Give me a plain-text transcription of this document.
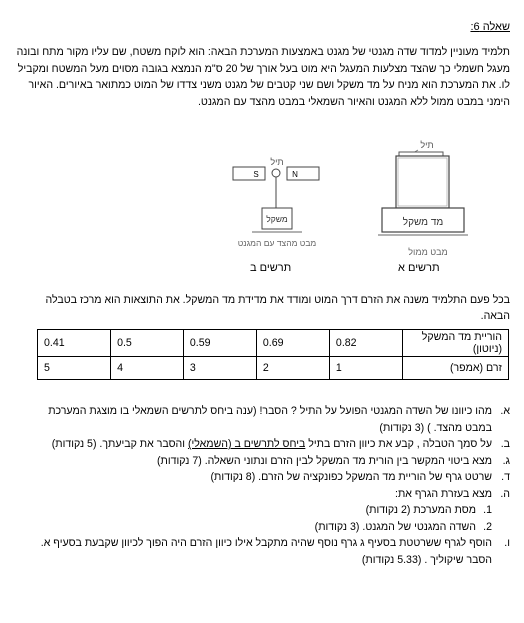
שאלה 6:
תלמיד מעוניין למדוד שדה מגנטי של מגנט באמצעות המערכת הבאה: הוא לוקח משטח, שם עליו מקור מתח ובונה מעגל חשמלי כך שהצד מצלעות המעגל היא מוט בעל אורך של 20 ס"מ הנמצא בגובה מסוים מעל המשטח ומקביל לו. את המערכת הוא מניח על מד משקל ושם שני קטבים של מגנט משני צדדו של המוט כמתואר באיורים. האיור הימני במבט ממול ללא המגנט והאיור השמאלי במבט מהצד עם המגנט.
תיל
מד משקל
מבט ממול
תיל
S	N
משקל
מבט מהצד עם המגנט
תרשים א
תרשים ב
בכל פעם התלמיד משנה את הזרם דרך המוט ומודד את מדידת מד המשקל. את התוצאות הוא מרכז בטבלה הבאה.
הוריית מד המשקל
(ניוטון)	0.82	0.69	0.59	0.5	0.41
זרם (אמפר)	1	2	3	4	5
א.
מהו כיוונו של השדה המגנטי הפועל על התיל ? הסבר! (ענה ביחס לתרשים השמאלי בו מוצגת המערכת במבט מהצד. ) (3 נקודות)
ב.
על סמך הטבלה , קבע את כיוון הזרם בתיל ביחס לתרשים ב (השמאלי) והסבר את קביעתך. (5 נקודות)
ג.
מצא ביטוי המקשר בין הורית מד המשקל לבין הזרם ונתוני השאלה. (7 נקודות)
ד.
שרטט גרף של הוריית מד המשקל כפונקציה של הזרם. (8 נקודות)
ה.
מצא בעזרת הגרף את:
1.
מסת המערכת (2 נקודות)
2.
השדה המגנטי של המגנט. (3 נקודות)
ו.
הוסף לגרף ששרטטת בסעיף ג גרף נוסף שהיה מתקבל אילו כיוון הזרם היה הפוך לכיוון שקבעת בסעיף א. הסבר שיקוליך . (5.33 נקודות)
